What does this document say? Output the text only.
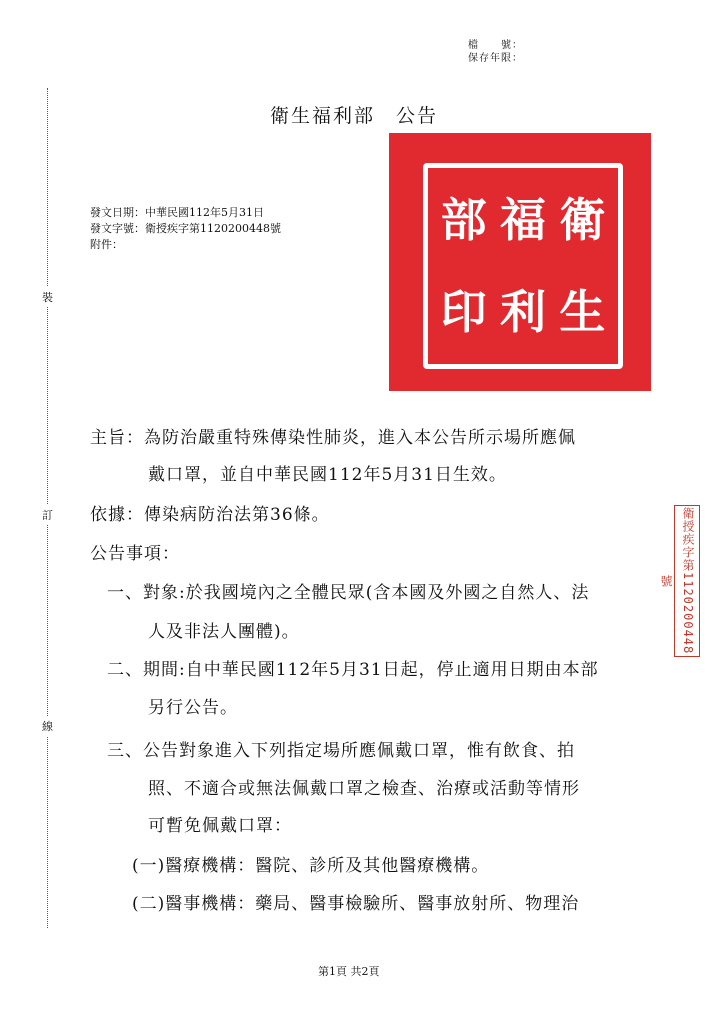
檔　　號：
保存年限：
裝
訂
線
衛生福利部　公告
發文日期：中華民國112年5月31日
發文字號：衛授疾字第1120200448號
附件：	部 福 衛
印 利 生
衛授疾字第1120200448號
主旨：為防治嚴重特殊傳染性肺炎，進入本公告所示場所應佩
戴口罩，並自中華民國112年5月31日生效。
依據：傳染病防治法第36條。
公告事項：
一、對象:於我國境內之全體民眾(含本國及外國之自然人、法
人及非法人團體)。
二、期間:自中華民國112年5月31日起，停止適用日期由本部
另行公告。
三、公告對象進入下列指定場所應佩戴口罩，惟有飲食、拍
照、不適合或無法佩戴口罩之檢查、治療或活動等情形
可暫免佩戴口罩：
(一)醫療機構：醫院、診所及其他醫療機構。
(二)醫事機構：藥局、醫事檢驗所、醫事放射所、物理治
第1頁 共2頁
